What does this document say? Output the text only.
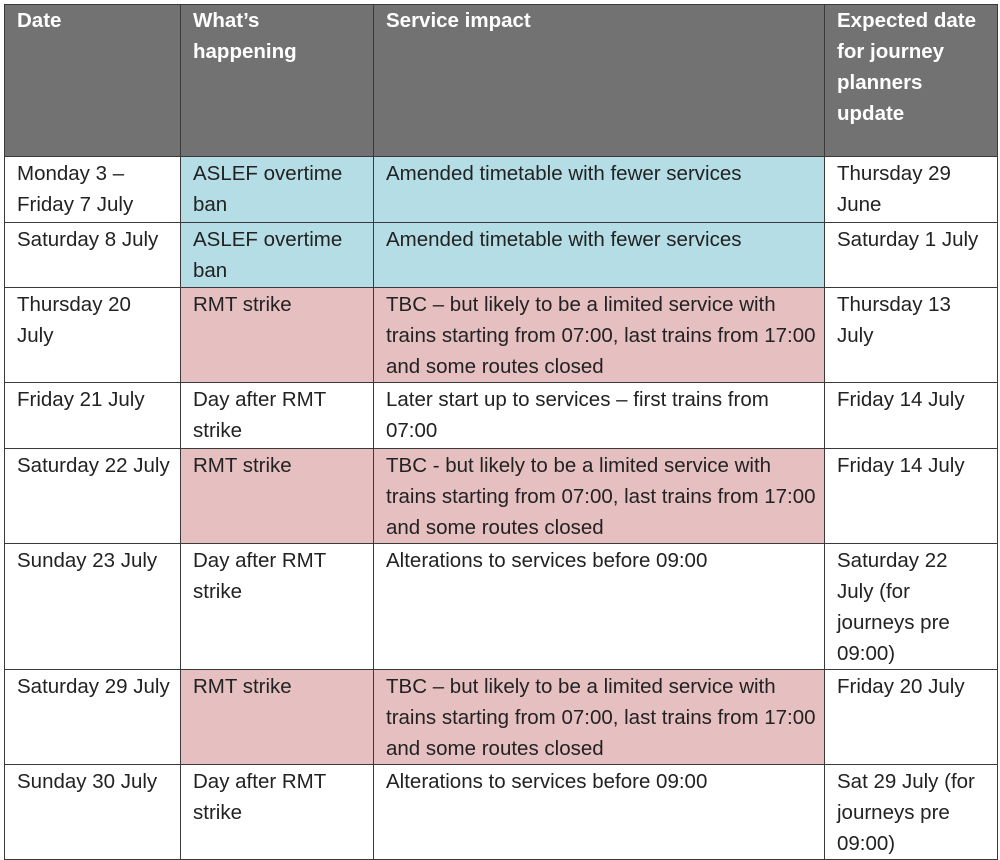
Date	What’s happening	Service impact	Expected date for journey planners update
Monday 3 – Friday 7 July	ASLEF overtime ban	Amended timetable with fewer services	Thursday 29 June
Saturday 8 July	ASLEF overtime ban	Amended timetable with fewer services	Saturday 1 July
Thursday 20 July	RMT strike	TBC – but likely to be a limited service with trains starting from 07:00, last trains from 17:00 and some routes closed	Thursday 13 July
Friday 21 July	Day after RMT strike	Later start up to services – first trains from 07:00	Friday 14 July
Saturday 22 July	RMT strike	TBC - but likely to be a limited service with trains starting from 07:00, last trains from 17:00 and some routes closed	Friday 14 July
Sunday 23 July	Day after RMT strike	Alterations to services before 09:00	Saturday 22 July (for journeys pre 09:00)
Saturday 29 July	RMT strike	TBC – but likely to be a limited service with trains starting from 07:00, last trains from 17:00 and some routes closed	Friday 20 July
Sunday 30 July	Day after RMT strike	Alterations to services before 09:00	Sat 29 July (for journeys pre 09:00)
